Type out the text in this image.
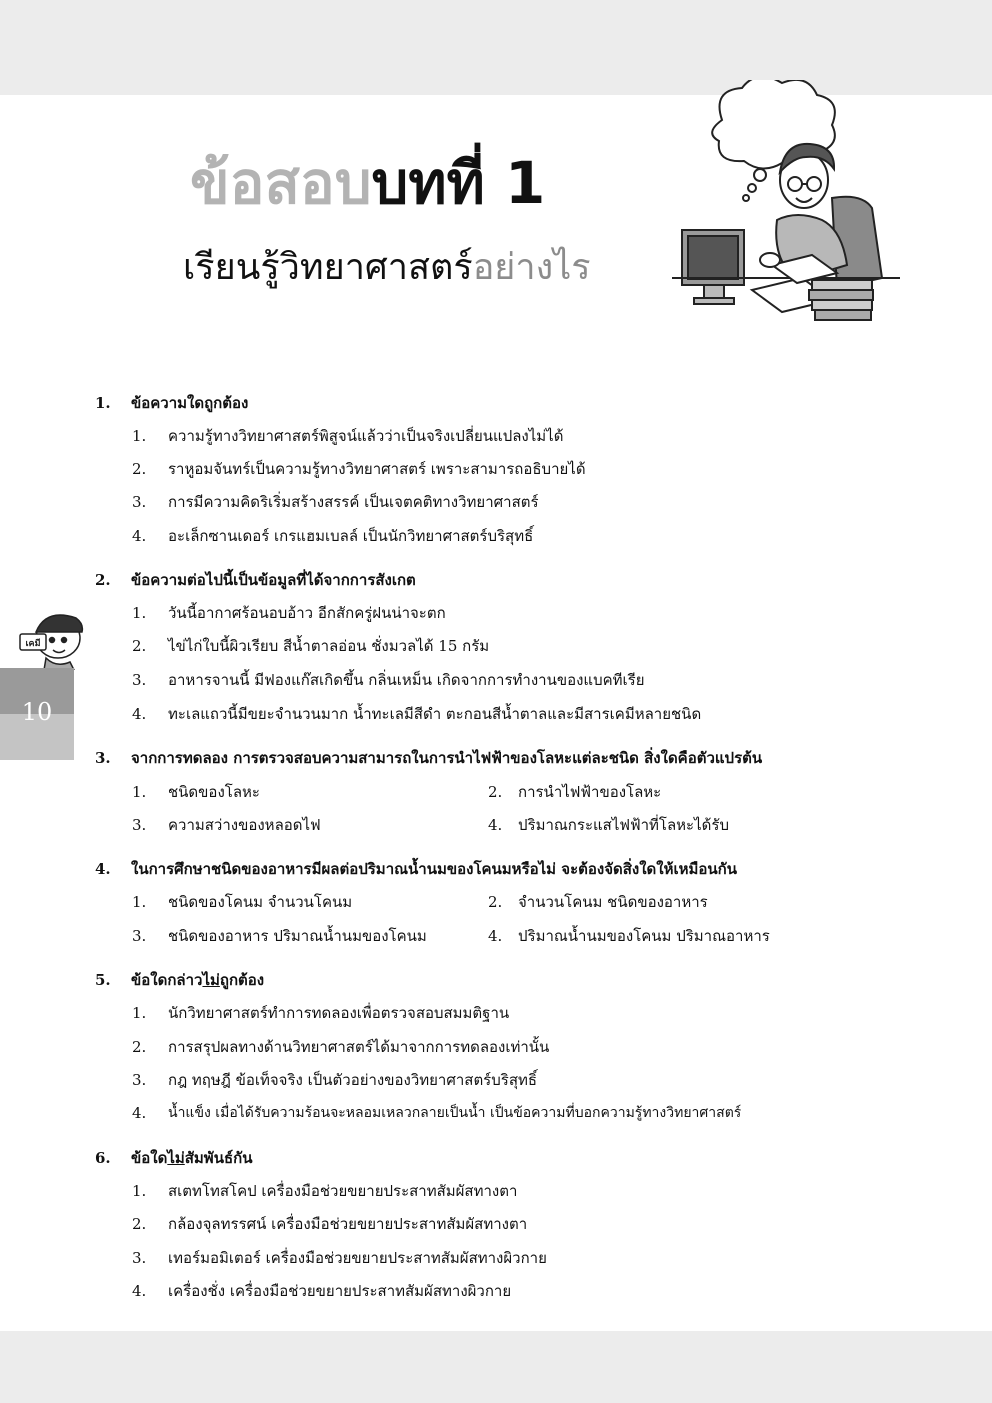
ข้อสอบบทที่ 1
เรียนรู้วิทยาศาสตร์อย่างไร
เคมี
10
1. ข้อความใดถูกต้อง
1. ความรู้ทางวิทยาศาสตร์พิสูจน์แล้วว่าเป็นจริงเปลี่ยนแปลงไม่ได้
2. ราหูอมจันทร์เป็นความรู้ทางวิทยาศาสตร์ เพราะสามารถอธิบายได้
3. การมีความคิดริเริ่มสร้างสรรค์ เป็นเจตคติทางวิทยาศาสตร์
4. อะเล็กซานเดอร์ เกรแฮมเบลล์ เป็นนักวิทยาศาสตร์บริสุทธิ์
2. ข้อความต่อไปนี้เป็นข้อมูลที่ได้จากการสังเกต
1. วันนี้อากาศร้อนอบอ้าว อีกสักครู่ฝนน่าจะตก
2. ไข่ไก่ใบนี้ผิวเรียบ สีน้ำตาลอ่อน ชั่งมวลได้ 15 กรัม
3. อาหารจานนี้ มีฟองแก๊สเกิดขึ้น กลิ่นเหม็น เกิดจากการทำงานของแบคทีเรีย
4. ทะเลแถวนี้มีขยะจำนวนมาก น้ำทะเลมีสีดำ ตะกอนสีน้ำตาลและมีสารเคมีหลายชนิด
3. จากการทดลอง การตรวจสอบความสามารถในการนำไฟฟ้าของโลหะแต่ละชนิด สิ่งใดคือตัวแปรต้น
1. ชนิดของโลหะ	2. การนำไฟฟ้าของโลหะ
3. ความสว่างของหลอดไฟ	4. ปริมาณกระแสไฟฟ้าที่โลหะได้รับ
4. ในการศึกษาชนิดของอาหารมีผลต่อปริมาณน้ำนมของโคนมหรือไม่ จะต้องจัดสิ่งใดให้เหมือนกัน
1. ชนิดของโคนม จำนวนโคนม	2. จำนวนโคนม ชนิดของอาหาร
3. ชนิดของอาหาร ปริมาณน้ำนมของโคนม	4. ปริมาณน้ำนมของโคนม ปริมาณอาหาร
5. ข้อใดกล่าวไม่ถูกต้อง
1. นักวิทยาศาสตร์ทำการทดลองเพื่อตรวจสอบสมมติฐาน
2. การสรุปผลทางด้านวิทยาศาสตร์ได้มาจากการทดลองเท่านั้น
3. กฎ ทฤษฎี ข้อเท็จจริง เป็นตัวอย่างของวิทยาศาสตร์บริสุทธิ์
4. น้ำแข็ง เมื่อได้รับความร้อนจะหลอมเหลวกลายเป็นน้ำ เป็นข้อความที่บอกความรู้ทางวิทยาศาสตร์
6. ข้อใดไม่สัมพันธ์กัน
1. สเตทโทสโคป เครื่องมือช่วยขยายประสาทสัมผัสทางตา
2. กล้องจุลทรรศน์ เครื่องมือช่วยขยายประสาทสัมผัสทางตา
3. เทอร์มอมิเตอร์ เครื่องมือช่วยขยายประสาทสัมผัสทางผิวกาย
4. เครื่องชั่ง เครื่องมือช่วยขยายประสาทสัมผัสทางผิวกาย
